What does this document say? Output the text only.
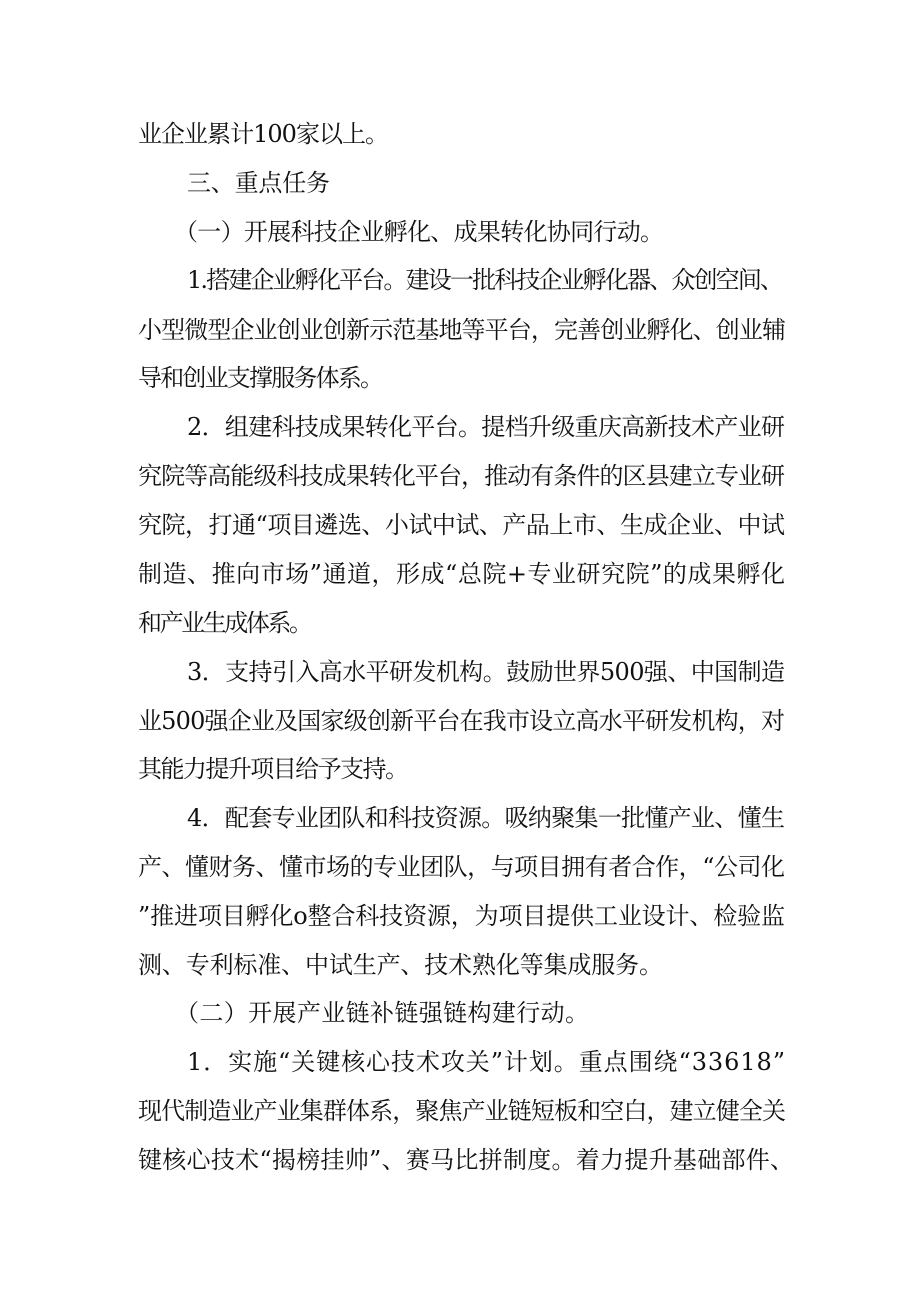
业企业累计100家以上。
三、重点任务
（一）开展科技企业孵化、成果转化协同行动。
1.搭建企业孵化平台。建设一批科技企业孵化器、众创空间、
小型微型企业创业创新示范基地等平台，完善创业孵化、创业辅
导和创业支撑服务体系。
2．组建科技成果转化平台。提档升级重庆高新技术产业研
究院等高能级科技成果转化平台，推动有条件的区县建立专业研
究院，打通“项目遴选、小试中试、产品上市、生成企业、中试
制造、推向市场”通道，形成“总院+专业研究院”的成果孵化
和产业生成体系。
3．支持引入高水平研发机构。鼓励世界500强、中国制造
业500强企业及国家级创新平台在我市设立高水平研发机构，对
其能力提升项目给予支持。
4．配套专业团队和科技资源。吸纳聚集一批懂产业、懂生
产、懂财务、懂市场的专业团队，与项目拥有者合作，“公司化
”推进项目孵化o整合科技资源，为项目提供工业设计、检验监
测、专利标准、中试生产、技术熟化等集成服务。
（二）开展产业链补链强链构建行动。
1．实施“关键核心技术攻关”计划。重点围绕“33618”
现代制造业产业集群体系，聚焦产业链短板和空白，建立健全关
键核心技术“揭榜挂帅”、赛马比拼制度。着力提升基础部件、
